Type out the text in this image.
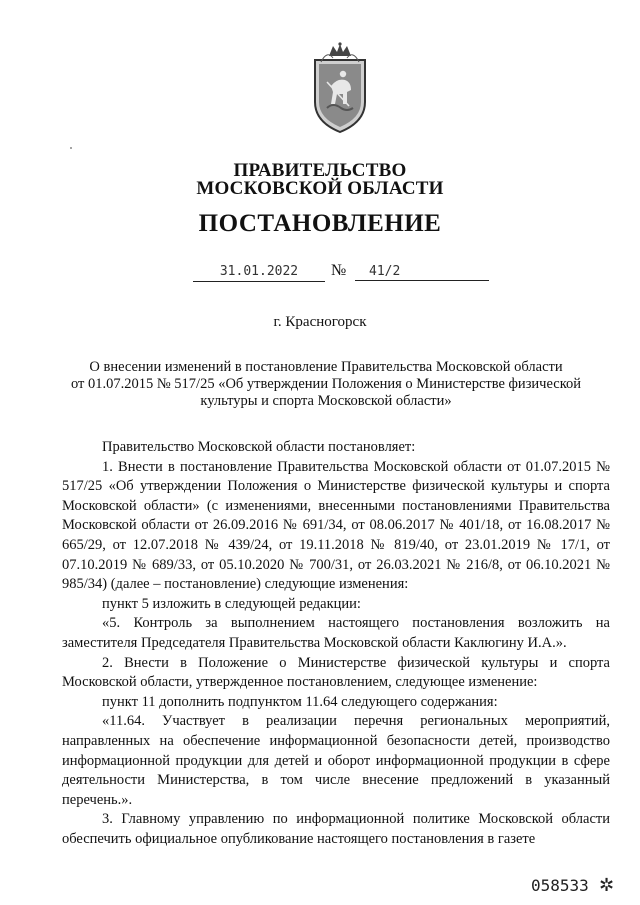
ПРАВИТЕЛЬСТВО
МОСКОВСКОЙ ОБЛАСТИ
ПОСТАНОВЛЕНИЕ
31.01.2022	№	41/2
г. Красногорск
О внесении изменений в постановление Правительства Московской области
от 01.07.2015 № 517/25 «Об утверждении Положения о Министерстве физической
культуры и спорта Московской области»

Правительство Московской области постановляет:

1. Внести в постановление Правительства Московской области от 01.07.2015 № 517/25 «Об утверждении Положения о Министерстве физической культуры и спорта Московской области» (с изменениями, внесенными постановлениями Правительства Московской области от 26.09.2016 № 691/34, от 08.06.2017 № 401/18, от 16.08.2017 № 665/29, от 12.07.2018 № 439/24, от 19.11.2018 № 819/40, от 23.01.2019 № 17/1, от 07.10.2019 № 689/33, от 05.10.2020 № 700/31, от 26.03.2021 № 216/8, от 06.10.2021 № 985/34) (далее – постановление) следующие изменения:

пункт 5 изложить в следующей редакции:

«5. Контроль за выполнением настоящего постановления возложить на заместителя Председателя Правительства Московской области Каклюгину И.А.».

2. Внести в Положение о Министерстве физической культуры и спорта Московской области, утвержденное постановлением, следующее изменение:

пункт 11 дополнить подпунктом 11.64 следующего содержания:

«11.64. Участвует в реализации перечня региональных мероприятий, направленных на обеспечение информационной безопасности детей, производство информационной продукции для детей и оборот информационной продукции в сфере деятельности Министерства, в том числе внесение предложений в указанный перечень.».

3. Главному управлению по информационной политике Московской области обеспечить официальное опубликование настоящего постановления в газете

058533 ✲
